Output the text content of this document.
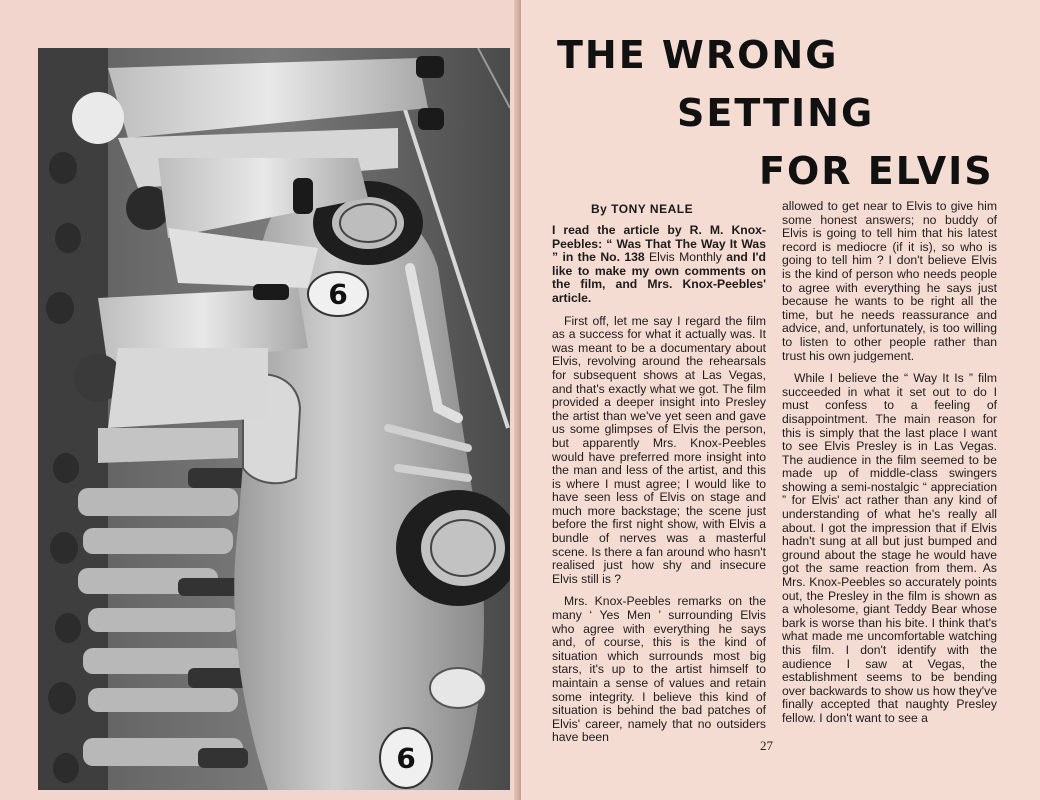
9
9
THE WRONG
SETTING
FOR ELVIS
By TONY NEALE

I read the article by R. M. Knox-Peebles: “ Was That The Way It Was ” in the No. 138 Elvis Monthly and I'd like to make my own comments on the film, and Mrs. Knox-Peebles' article.

First off, let me say I regard the film as a success for what it actually was. It was meant to be a documentary about Elvis, revolving around the rehearsals for subsequent shows at Las Vegas, and that's exactly what we got. The film provided a deeper insight into Presley the artist than we've yet seen and gave us some glimpses of Elvis the person, but apparently Mrs. Knox-Peebles would have preferred more insight into the man and less of the artist, and this is where I must agree; I would like to have seen less of Elvis on stage and much more backstage; the scene just before the first night show, with Elvis a bundle of nerves was a masterful scene. Is there a fan around who hasn't realised just how shy and insecure Elvis still is ?

Mrs. Knox-Peebles remarks on the many ‘ Yes Men ’ surrounding Elvis who agree with everything he says and, of course, this is the kind of situation which surrounds most big stars, it's up to the artist himself to maintain a sense of values and retain some integrity. I believe this kind of situation is behind the bad patches of Elvis' career, namely that no outsiders have been

allowed to get near to Elvis to give him some honest answers; no buddy of Elvis is going to tell him that his latest record is mediocre (if it is), so who is going to tell him ? I don't believe Elvis is the kind of person who needs people to agree with everything he says just because he wants to be right all the time, but he needs reassurance and advice, and, unfortunately, is too willing to listen to other people rather than trust his own judgement.

While I believe the “ Way It Is ” film succeeded in what it set out to do I must confess to a feeling of disappointment. The main reason for this is simply that the last place I want to see Elvis Presley is in Las Vegas. The audience in the film seemed to be made up of middle-class swingers showing a semi-nostalgic “ appreciation ” for Elvis' act rather than any kind of understanding of what he's really all about. I got the impression that if Elvis hadn't sung at all but just bumped and ground about the stage he would have got the same reaction from them. As Mrs. Knox-Peebles so accurately points out, the Presley in the film is shown as a wholesome, giant Teddy Bear whose bark is worse than his bite. I think that's what made me uncomfortable watching this film. I don't identify with the audience I saw at Vegas, the establishment seems to be bending over backwards to show us how they've finally accepted that naughty Presley fellow. I don't want to see a

27
